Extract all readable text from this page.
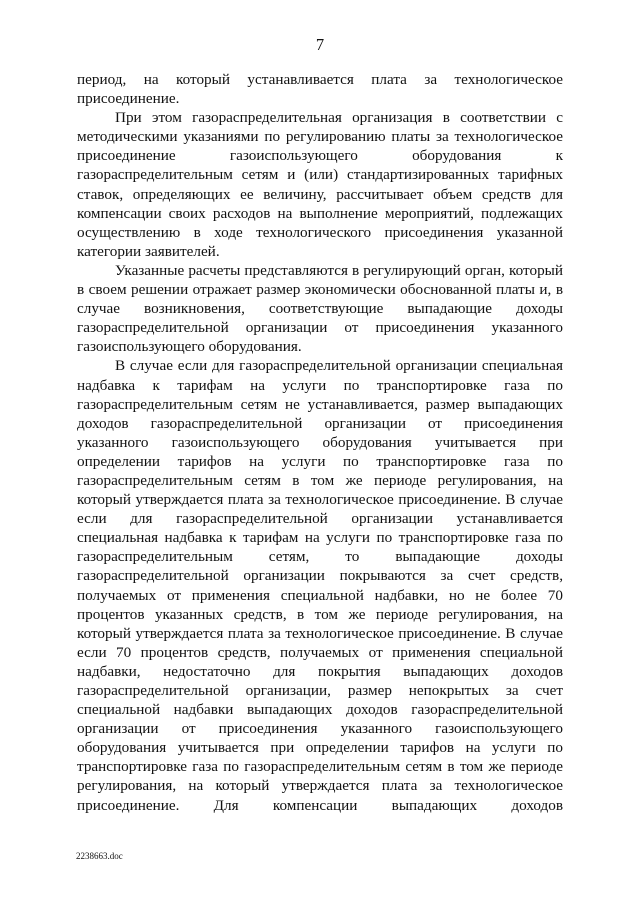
7

период, на который устанавливается плата за технологическое присоединение.

При этом газораспределительная организация в соответствии с методическими указаниями по регулированию платы за технологическое присоединение газоиспользующего оборудования к газораспределительным сетям и (или) стандартизированных тарифных ставок, определяющих ее величину, рассчитывает объем средств для компенсации своих расходов на выполнение мероприятий, подлежащих осуществлению в ходе технологического присоединения указанной категории заявителей.

Указанные расчеты представляются в регулирующий орган, который в своем решении отражает размер экономически обоснованной платы и, в случае возникновения, соответствующие выпадающие доходы газораспределительной организации от присоединения указанного газоиспользующего оборудования.

В случае если для газораспределительной организации специальная надбавка к тарифам на услуги по транспортировке газа по газораспределительным сетям не устанавливается, размер выпадающих доходов газораспределительной организации от присоединения указанного газоиспользующего оборудования учитывается при определении тарифов на услуги по транспортировке газа по газораспределительным сетям в том же периоде регулирования, на который утверждается плата за технологическое присоединение. В случае если для газораспределительной организации устанавливается специальная надбавка к тарифам на услуги по транспортировке газа по газораспределительным сетям, то выпадающие доходы газораспределительной организации покрываются за счет средств, получаемых от применения специальной надбавки, но не более 70 процентов указанных средств, в том же периоде регулирования, на который утверждается плата за технологическое присоединение. В случае если 70 процентов средств, получаемых от применения специальной надбавки, недостаточно для покрытия выпадающих доходов газораспределительной организации, размер непокрытых за счет специальной надбавки выпадающих доходов газораспределительной организации от присоединения указанного газоиспользующего оборудования учитывается при определении тарифов на услуги по транспортировке газа по газораспределительным сетям в том же периоде регулирования, на который утверждается плата за технологическое присоединение. Для компенсации выпадающих доходов

2238663.doc
